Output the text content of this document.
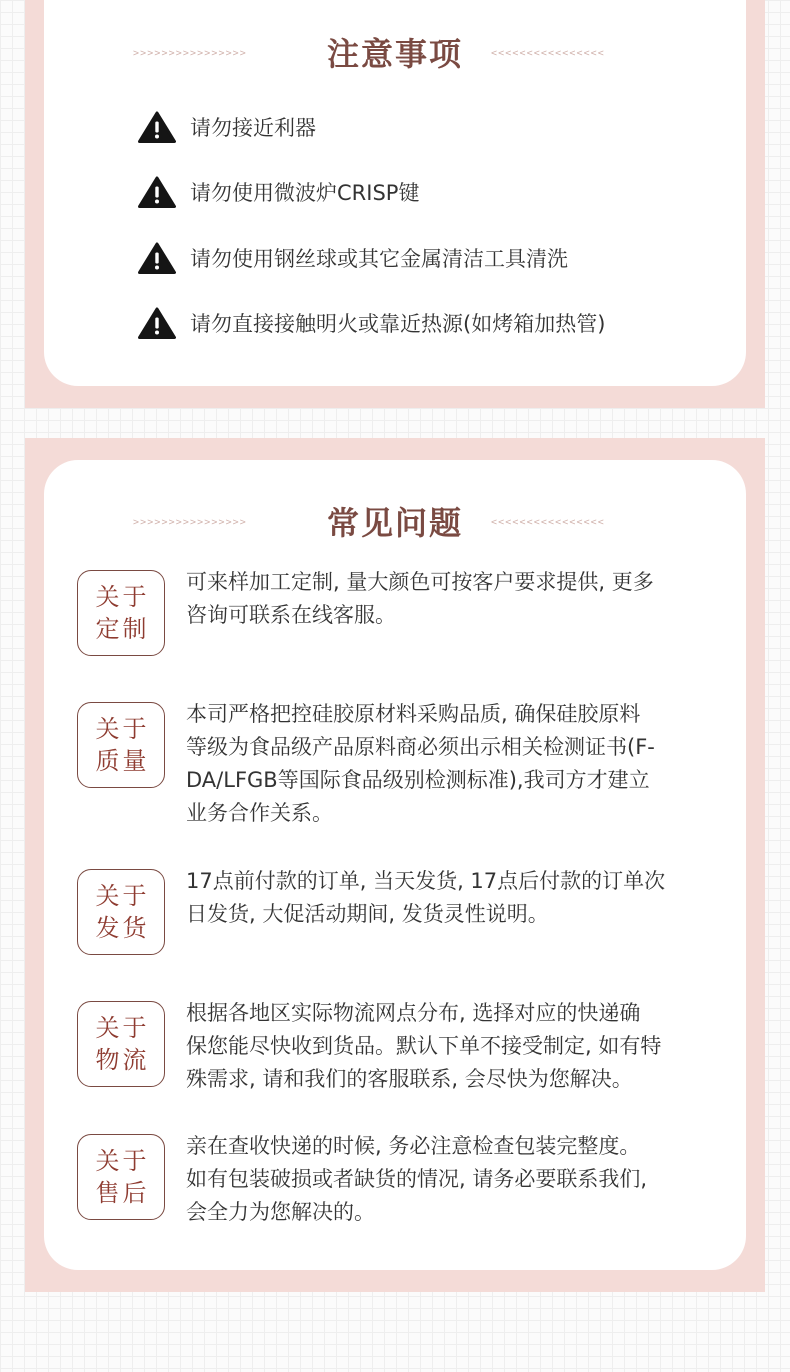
>>>>>>>>>>>>>>>>	注意事项	<<<<<<<<<<<<<<<<
请勿接近利器
请勿使用微波炉CRISP键
请勿使用钢丝球或其它金属清洁工具清洗
请勿直接接触明火或靠近热源(如烤箱加热管)
>>>>>>>>>>>>>>>>	常见问题	<<<<<<<<<<<<<<<<
关于
定制
可来样加工定制, 量大颜色可按客户要求提供, 更多
咨询可联系在线客服。
关于
质量
本司严格把控硅胶原材料采购品质, 确保硅胶原料
等级为食品级产品原料商必须出示相关检测证书(F-
DA/LFGB等国际食品级别检测标准),我司方才建立
业务合作关系。
关于
发货
17点前付款的订单, 当天发货, 17点后付款的订单次
日发货, 大促活动期间, 发货灵性说明。
关于
物流
根据各地区实际物流网点分布, 选择对应的快递确
保您能尽快收到货品。默认下单不接受制定, 如有特
殊需求, 请和我们的客服联系, 会尽快为您解决。
关于
售后
亲在查收快递的时候, 务必注意检查包装完整度。
如有包装破损或者缺货的情况, 请务必要联系我们,
会全力为您解决的。
